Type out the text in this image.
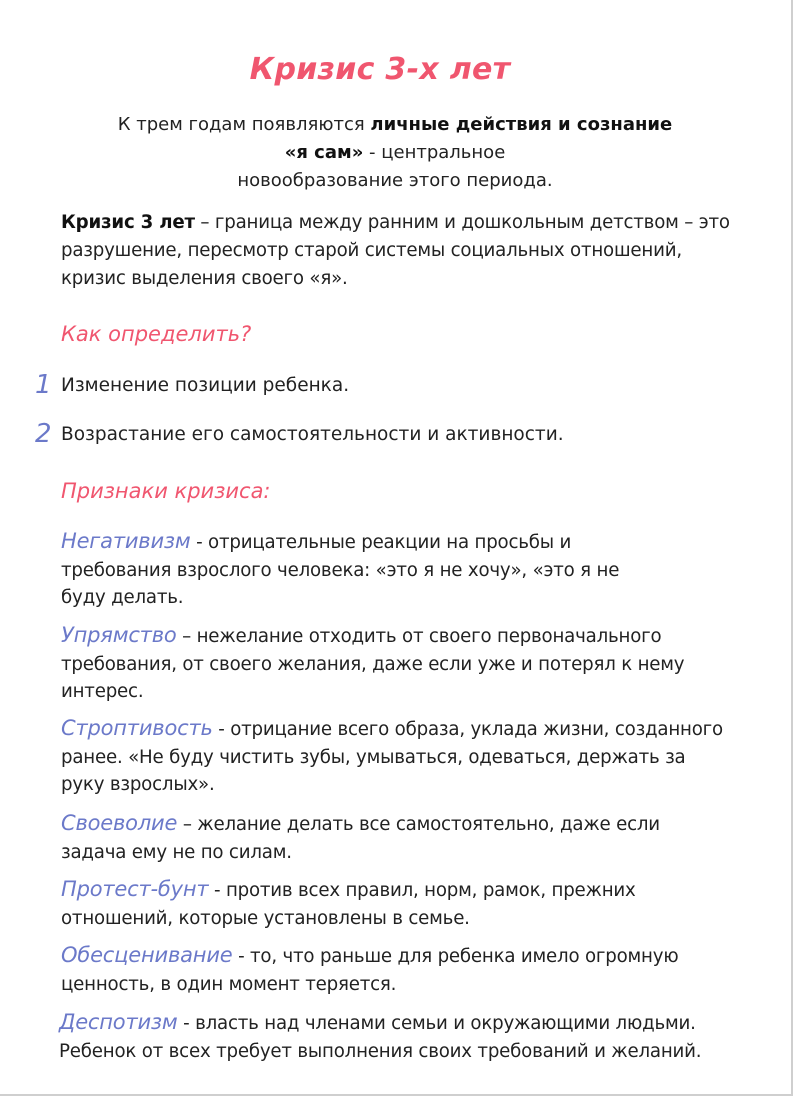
Кризис 3-х лет
К трем годам появляются личные действия и сознание
«я сам» - центральное
новообразование этого периода.
Кризис 3 лет – граница между ранним и дошкольным детством – это разрушение, пересмотр старой системы социальных отношений, кризис выделения своего «я».
Как определить?
1 Изменение позиции ребенка.
2 Возрастание его самостоятельности и активности.
Признаки кризиса:
Негативизм - отрицательные реакции на просьбы и требования взрослого человека: «это я не хочу», «это я не буду делать.
Упрямство – нежелание отходить от своего первоначального требования, от своего желания, даже если уже и потерял к нему интерес.
Строптивость - отрицание всего образа, уклада жизни, созданного ранее. «Не буду чистить зубы, умываться, одеваться, держать за руку взрослых».
Своеволие – желание делать все самостоятельно, даже если задача ему не по силам.
Протест-бунт - против всех правил, норм, рамок, прежних отношений, которые установлены в семье.
Обесценивание - то, что раньше для ребенка имело огромную ценность, в один момент теряется.
Деспотизм - власть над членами семьи и окружающими людьми. Ребенок от всех требует выполнения своих требований и желаний.
